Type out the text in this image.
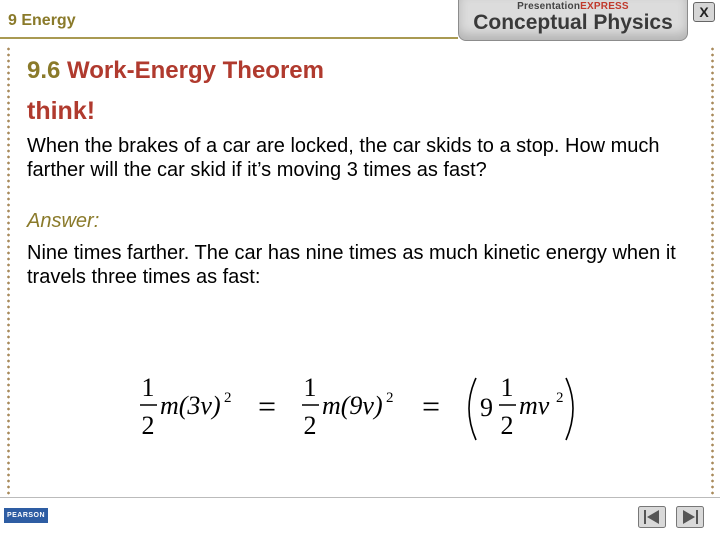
9 Energy
PresentationEXPRESS
Conceptual Physics	X
9.6 Work-Energy Theorem
think!
When the brakes of a car are locked, the car skids to a stop. How much farther will the car skid if it’s moving 3 times as fast?
Answer:
Nine times farther. The car has nine times as much kinetic energy when it travels three times as fast:
1
2
m(3v) 2 =
1
2
m(9v) 2 = 9
1
2
mv 2
PEARSON
